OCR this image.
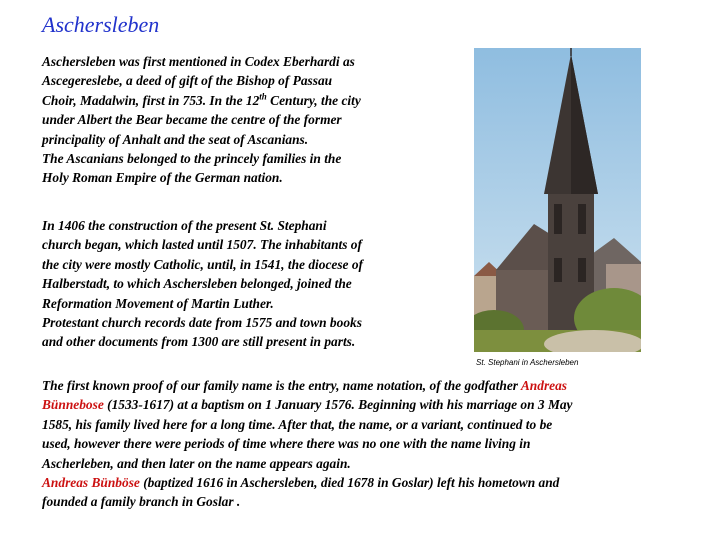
Aschersleben
Aschersleben was first mentioned in Codex Eberhardi as
Ascegereslebe, a deed of gift of the Bishop of Passau
Choir, Madalwin, first in 753. In the 12th Century, the city
under Albert the Bear became the centre of the former
principality of Anhalt and the seat of Ascanians.
The Ascanians belonged to the princely families in the
Holy Roman Empire of the German nation.
In 1406 the construction of the present St. Stephani
church began, which lasted until 1507. The inhabitants of
the city were mostly Catholic, until, in 1541, the diocese of
Halberstadt, to which Aschersleben belonged, joined the
Reformation Movement of Martin Luther.
Protestant church records date from 1575 and town books
and other documents from 1300 are still present in parts.
St. Stephani in Aschersleben
The first known proof of our family name is the entry, name notation, of the godfather Andreas
Bünnebose (1533-1617) at a baptism on 1 January 1576. Beginning with his marriage on 3 May
1585, his family lived here for a long time. After that, the name, or a variant, continued to be
used, however there were periods of time where there was no one with the name living in
Ascherleben, and then later on the name appears again.
Andreas Bünböse (baptized 1616 in Aschersleben, died 1678 in Goslar) left his hometown and
founded a family branch in Goslar .
